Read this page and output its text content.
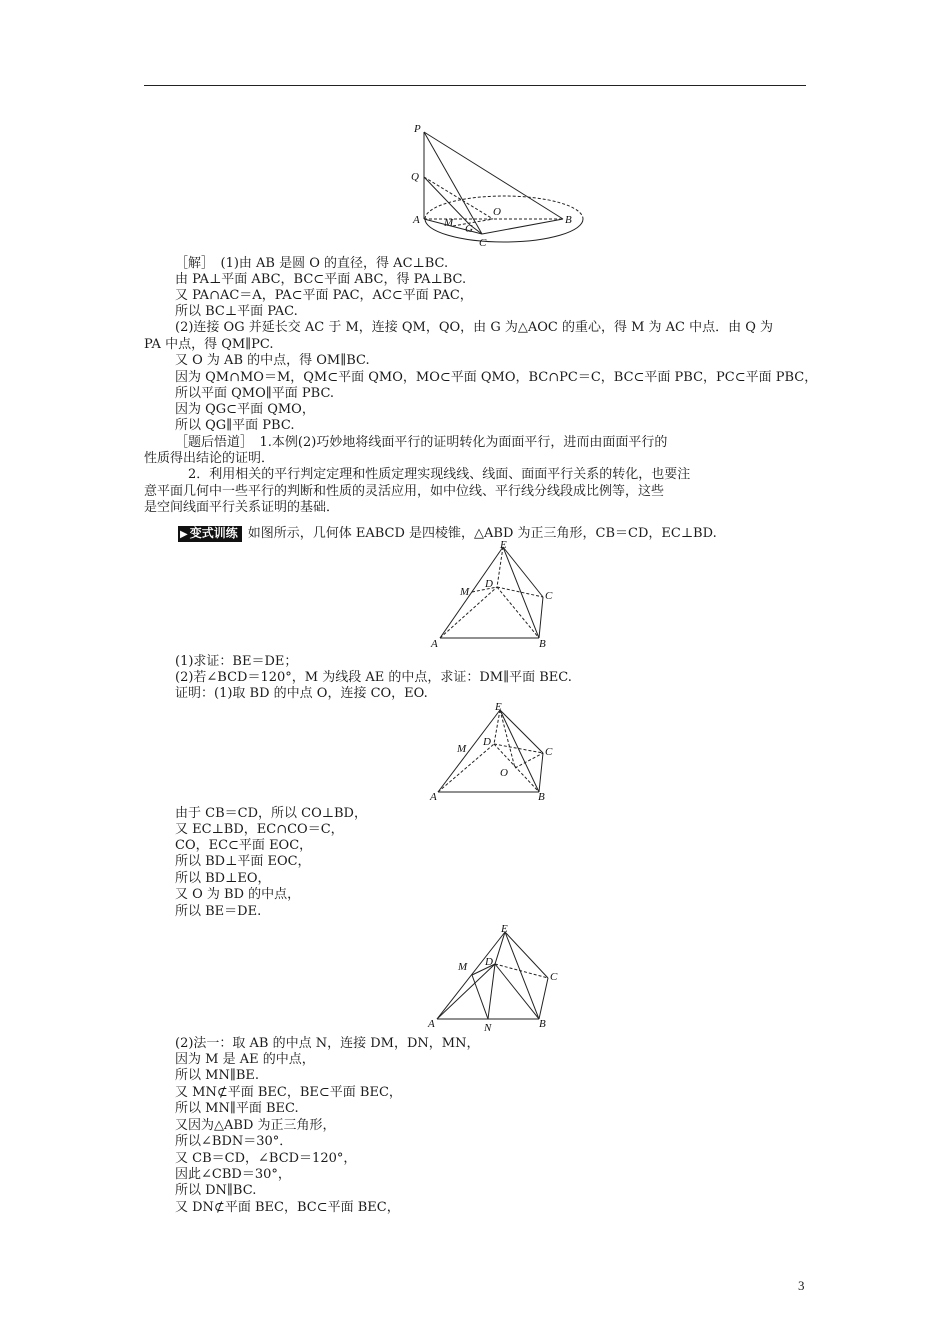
P
Q
A M G
O
C
B
［解］　(1)由 AB 是圆 O 的直径，得 AC⊥BC.
由 PA⊥平面 ABC，BC⊂平面 ABC，得 PA⊥BC.
又 PA∩AC＝A，PA⊂平面 PAC，AC⊂平面 PAC，
所以 BC⊥平面 PAC.
(2)连接 OG 并延长交 AC 于 M，连接 QM，QO，由 G 为△AOC 的重心，得 M 为 AC 中点．由 Q 为
PA 中点，得 QM∥PC.
又 O 为 AB 的中点，得 OM∥BC.
因为 QM∩MO＝M，QM⊂平面 QMO，MO⊂平面 QMO，BC∩PC＝C，BC⊂平面 PBC，PC⊂平面 PBC，
所以平面 QMO∥平面 PBC.
因为 QG⊂平面 QMO，
所以 QG∥平面 PBC.
［题后悟道］　1.本例(2)巧妙地将线面平行的证明转化为面面平行，进而由面面平行的
性质得出结论的证明．
　2．利用相关的平行判定定理和性质定理实现线线、线面、面面平行关系的转化，也要注
意平面几何中一些平行的判断和性质的灵活应用，如中位线、平行线分线段成比例等，这些
是空间线面平行关系证明的基础．
▶ 变式训练 如图所示，几何体 EABCD 是四棱锥，△ABD 为正三角形，CB＝CD，EC⊥BD.
E
D
M	C
A	B
(1)求证：BE＝DE；
(2)若∠BCD＝120°，M 为线段 AE 的中点，求证：DM∥平面 BEC.
证明：(1)取 BD 的中点 O，连接 CO，EO.
E
D
M	C
O
A	B
由于 CB＝CD，所以 CO⊥BD，
又 EC⊥BD，EC∩CO＝C，
CO，EC⊂平面 EOC，
所以 BD⊥平面 EOC，
所以 BD⊥EO，
又 O 为 BD 的中点，
所以 BE＝DE.
E
D
M
C
N
A	B
(2)法一：取 AB 的中点 N，连接 DM，DN，MN，
因为 M 是 AE 的中点，
所以 MN∥BE.
又 MN⊄平面 BEC，BE⊂平面 BEC，
所以 MN∥平面 BEC.
又因为△ABD 为正三角形，
所以∠BDN＝30°．
又 CB＝CD，∠BCD＝120°，
因此∠CBD＝30°，
所以 DN∥BC.
又 DN⊄平面 BEC，BC⊂平面 BEC，
3
